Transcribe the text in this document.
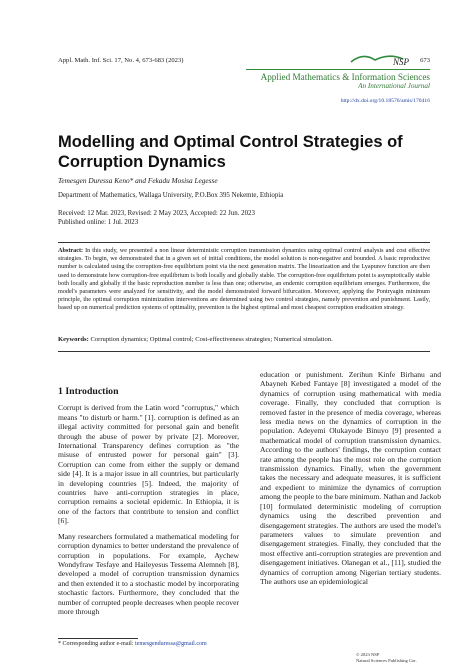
Appl. Math. Inf. Sci. 17, No. 4, 673-683 (2023)	673
NSP
Applied Mathematics & Information Sciences
An International Journal
http://dx.doi.org/10.18576/amis/170416
Modelling and Optimal Control Strategies of Corruption Dynamics
Temesgen Duressa Keno* and Fekadu Mosisa Legesse
Department of Mathematics, Wallaga University, P.O.Box 395 Nekemte, Ethiopia
Received: 12 Mar. 2023, Revised: 2 May 2023, Accepted: 22 Jun. 2023
Published online: 1 Jul. 2023
Abstract: In this study, we presented a non linear deterministic corruption transmission dynamics using optimal control analysis and cost effective strategies. To begin, we demonstrated that in a given set of initial conditions, the model solution is non-negative and bounded. A basic reproductive number is calculated using the corruption-free equilibrium point via the next generation matrix. The linearization and the Lyapunov function are then used to demonstrate how corruption-free equilibrium is both locally and globally stable. The corruption-free equilibrium point is asymptotically stable both locally and globally if the basic reproduction number is less than one; otherwise, an endemic corruption equilibrium emerges. Furthermore, the model's parameters were analyzed for sensitivity, and the model demonstrated forward bifurcation. Moreover, applying the Pontryagin minimum principle, the optimal corruption minimization interventions are determined using two control strategies, namely prevention and punishment. Lastly, based up on numerical prediction systems of optimality, prevention is the highest optimal and most cheapest corruption eradication strategy.
Keywords: Corruption dynamics; Optimal control; Cost-effectiveness strategies; Numerical simulation.
1 Introduction

Corrupt is derived from the Latin word "corruptus," which means "to disturb or harm." [1]. corruption is defined as an illegal activity committed for personal gain and benefit through the abuse of power by private [2]. Moreover, International Transparency defines corruption as "the misuse of entrusted power for personal gain" [3]. Corruption can come from either the supply or demand side [4]. It is a major issue in all countries, but particularly in developing countries [5]. Indeed, the majority of countries have anti-corruption strategies in place, corruption remains a societal epidemic. In Ethiopia, it is one of the factors that contribute to tension and conflict [6].

Many researchers formulated a mathematical modeling for corruption dynamics to better understand the prevalence of corruption in populations. For example, Aychew Wondyfraw Tesfaye and Haileyesus Tessema Alemneh [8], developed a model of corruption transmission dynamics and then extended it to a stochastic model by incorporating stochastic factors. Furthermore, they concluded that the number of corrupted people decreases when people recover more through

education or punishment. Zerihun Kinfe Birhanu and Abayneh Kebed Fantaye [8] investigated a model of the dynamics of corruption using mathematical with media coverage. Finally, they concluded that corruption is removed faster in the presence of media coverage, whereas less media news on the dynamics of corruption in the population. Adeyemi Olukayode Binuyo [9] presented a mathematical model of corruption transmission dynamics. According to the authors' findings, the corruption contact rate among the people has the most role on the corruption transmission dynamics. Finally, when the government takes the necessary and adequate measures, it is sufficient and expedient to minimize the dynamics of corruption among the people to the bare minimum. Nathan and Jackob [10] formulated deterministic modeling of corruption dynamics using the described prevention and disengagement strategies. The authors are used the model's parameters values to simulate prevention and disengagement strategies. Finally, they concluded that the most effective anti-corruption strategies are prevention and disengagement initiatives. Olanegan et al., [11], studied the dynamics of corruption among Nigerian tertiary students. The authors use an epidemiological

* Corresponding author e-mail: temesgenduressa@gmail.com
© 2023 NSP
Natural Sciences Publishing Cor.
